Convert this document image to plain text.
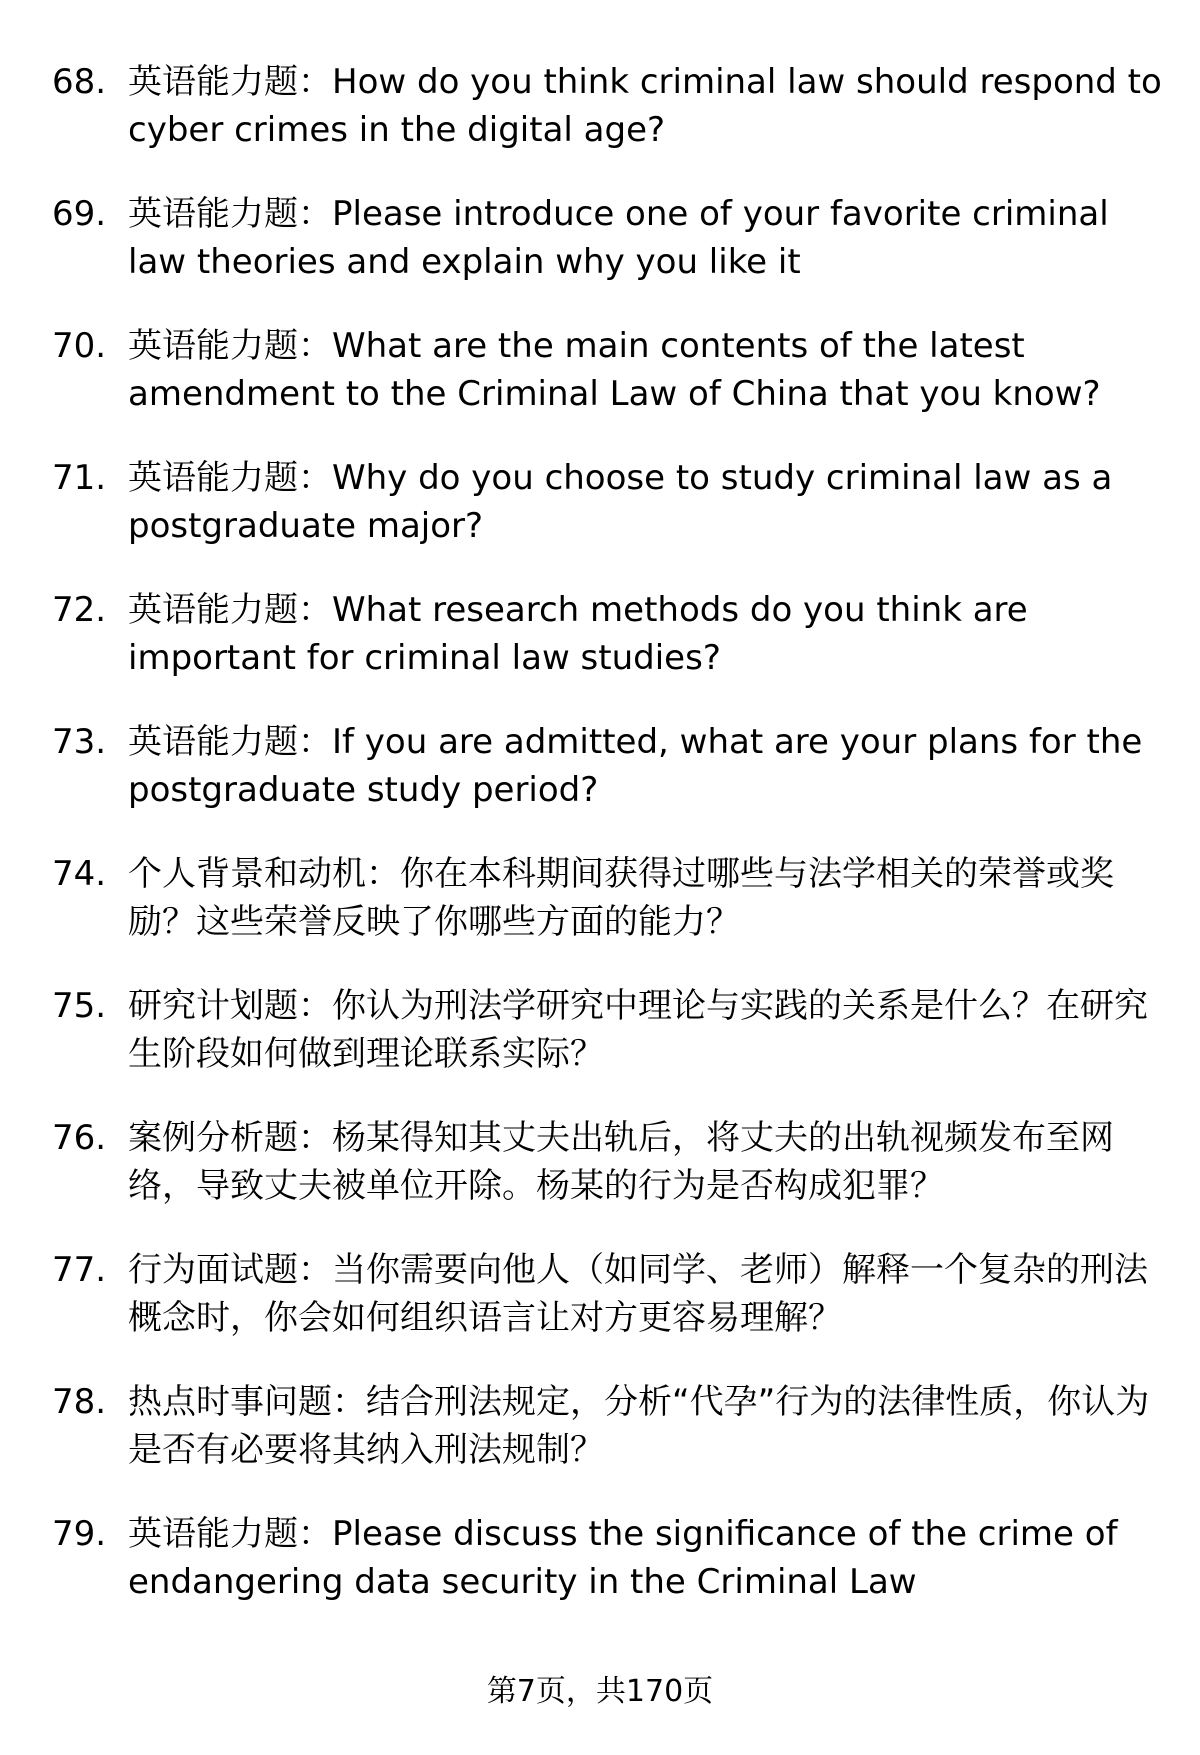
68. 英语能力题：How do you think criminal law should respond to cyber crimes in the digital age?
69. 英语能力题：Please introduce one of your favorite criminal law theories and explain why you like it
70. 英语能力题：What are the main contents of the latest amendment to the Criminal Law of China that you know?
71. 英语能力题：Why do you choose to study criminal law as a postgraduate major?
72. 英语能力题：What research methods do you think are important for criminal law studies?
73. 英语能力题：If you are admitted, what are your plans for the postgraduate study period?
74. 个人背景和动机：你在本科期间获得过哪些与法学相关的荣誉或奖励？这些荣誉反映了你哪些方面的能力？
75. 研究计划题：你认为刑法学研究中理论与实践的关系是什么？在研究生阶段如何做到理论联系实际？
76. 案例分析题：杨某得知其丈夫出轨后，将丈夫的出轨视频发布至网络，导致丈夫被单位开除。杨某的行为是否构成犯罪？
77. 行为面试题：当你需要向他人（如同学、老师）解释一个复杂的刑法概念时，你会如何组织语言让对方更容易理解？
78. 热点时事问题：结合刑法规定，分析“代孕”行为的法律性质，你认为是否有必要将其纳入刑法规制？
79. 英语能力题：Please discuss the significance of the crime of endangering data security in the Criminal Law
第7页，共170页
